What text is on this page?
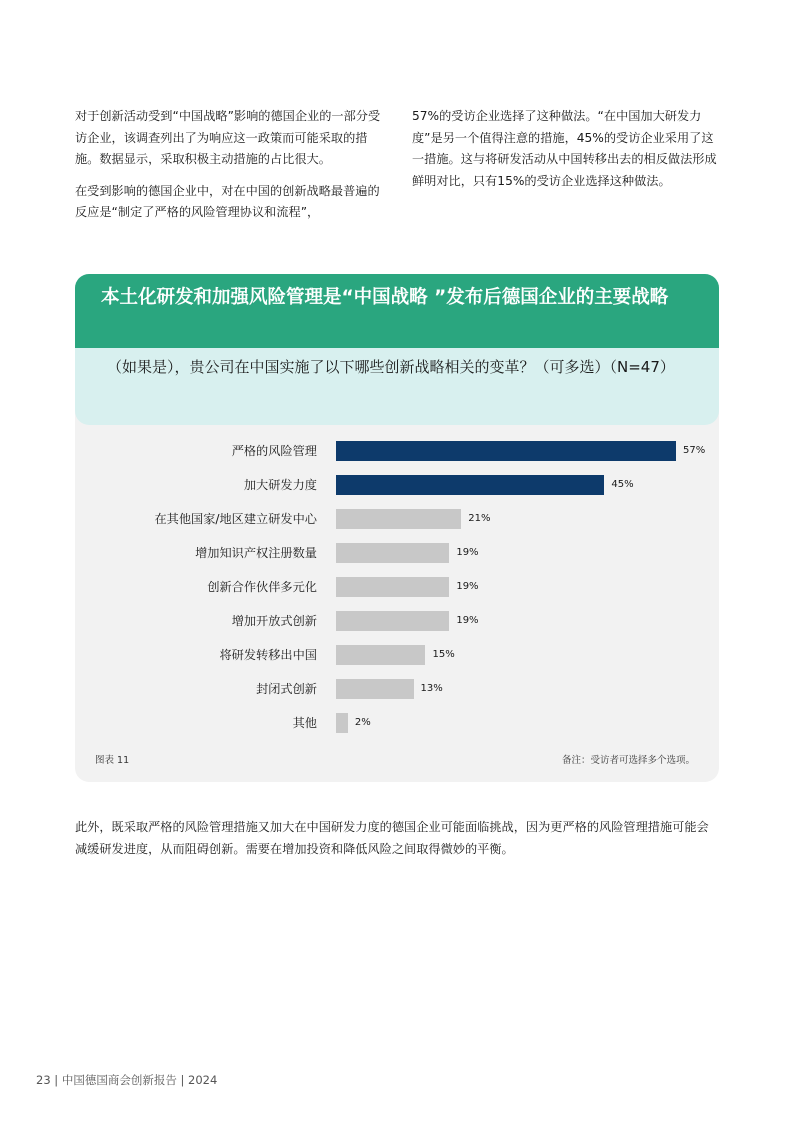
对于创新活动受到“中国战略”影响的德国企业的一部分受访企业，该调查列出了为响应这一政策而可能采取的措施。数据显示，采取积极主动措施的占比很大。

在受到影响的德国企业中，对在中国的创新战略最普遍的反应是“制定了严格的风险管理协议和流程”，

57%的受访企业选择了这种做法。“在中国加大研发力度”是另一个值得注意的措施，45%的受访企业采用了这一措施。这与将研发活动从中国转移出去的相反做法形成鲜明对比，只有15%的受访企业选择这种做法。

本土化研发和加强风险管理是“中国战略 ”发布后德国企业的主要战略
（如果是），贵公司在中国实施了以下哪些创新战略相关的变革？（可多选）（N=47）
严格的风险管理	57%
加大研发力度	45%
在其他国家/地区建立研发中心	21%
增加知识产权注册数量	19%
创新合作伙伴多元化	19%
增加开放式创新	19%
将研发转移出中国	15%
封闭式创新	13%
其他	2%
图表 11	备注：受访者可选择多个选项。

此外，既采取严格的风险管理措施又加大在中国研发力度的德国企业可能面临挑战，因为更严格的风险管理措施可能会减缓研发进度，从而阻碍创新。需要在增加投资和降低风险之间取得微妙的平衡。

23 | 中国德国商会创新报告 | 2024
